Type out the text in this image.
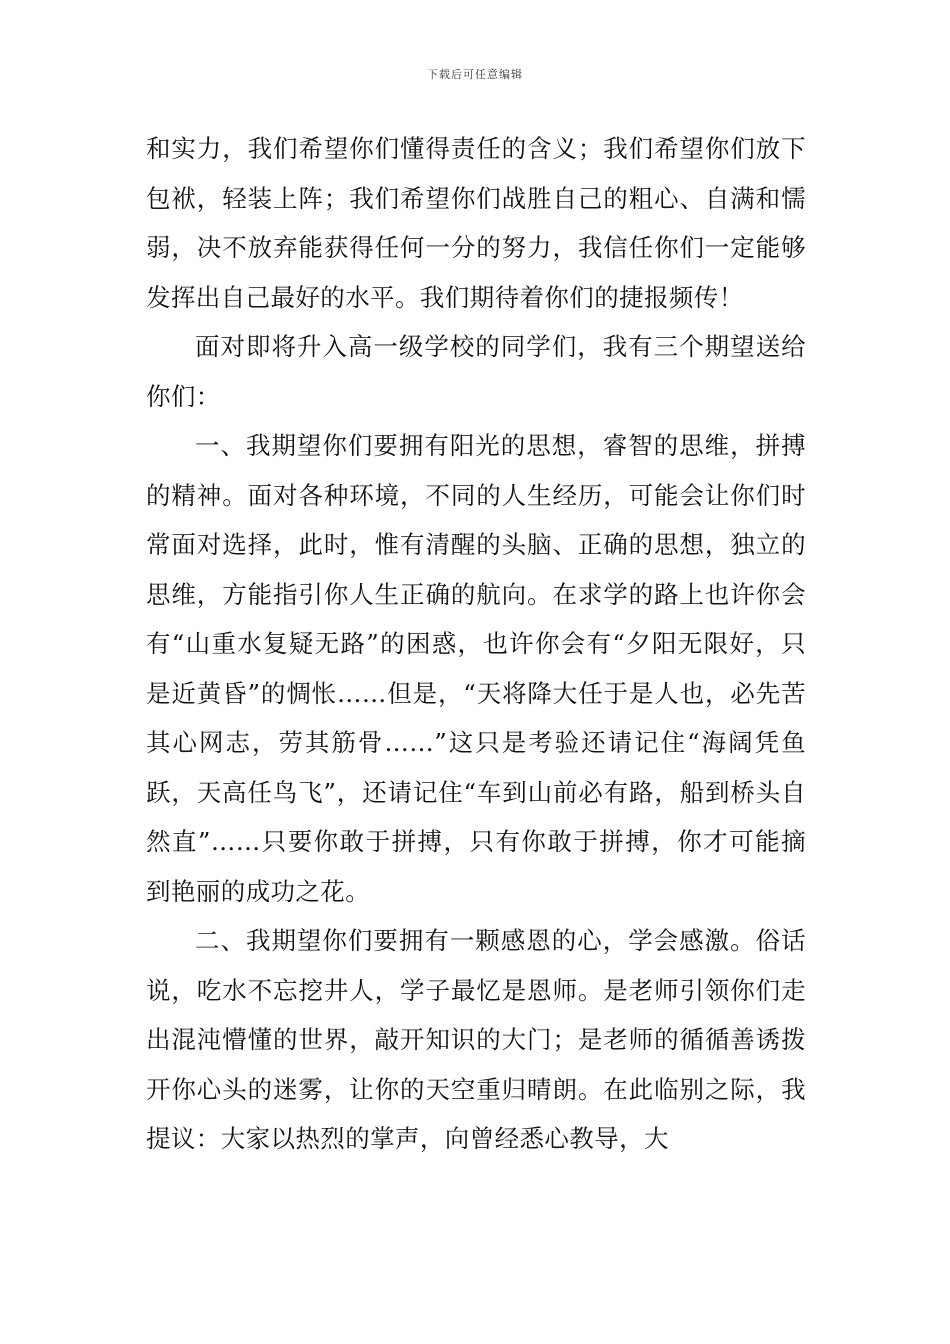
下载后可任意编辑

和实力，我们希望你们懂得责任的含义；我们希望你们放下包袱，轻装上阵；我们希望你们战胜自己的粗心、自满和懦弱，决不放弃能获得任何一分的努力，我信任你们一定能够发挥出自己最好的水平。我们期待着你们的捷报频传！

面对即将升入高一级学校的同学们，我有三个期望送给你们：

一、我期望你们要拥有阳光的思想，睿智的思维，拼搏的精神。面对各种环境，不同的人生经历，可能会让你们时常面对选择，此时，惟有清醒的头脑、正确的思想，独立的思维，方能指引你人生正确的航向。在求学的路上也许你会有“山重水复疑无路”的困惑，也许你会有“夕阳无限好，只是近黄昏”的惆怅……但是，“天将降大任于是人也，必先苦其心网志，劳其筋骨……”这只是考验还请记住“海阔凭鱼跃，天高任鸟飞”，还请记住“车到山前必有路，船到桥头自然直”……只要你敢于拼搏，只有你敢于拼搏，你才可能摘到艳丽的成功之花。

二、我期望你们要拥有一颗感恩的心，学会感激。俗话说，吃水不忘挖井人，学子最忆是恩师。是老师引领你们走出混沌懵懂的世界，敲开知识的大门；是老师的循循善诱拨开你心头的迷雾，让你的天空重归晴朗。在此临别之际，我提议：大家以热烈的掌声，向曾经悉心教导，大
